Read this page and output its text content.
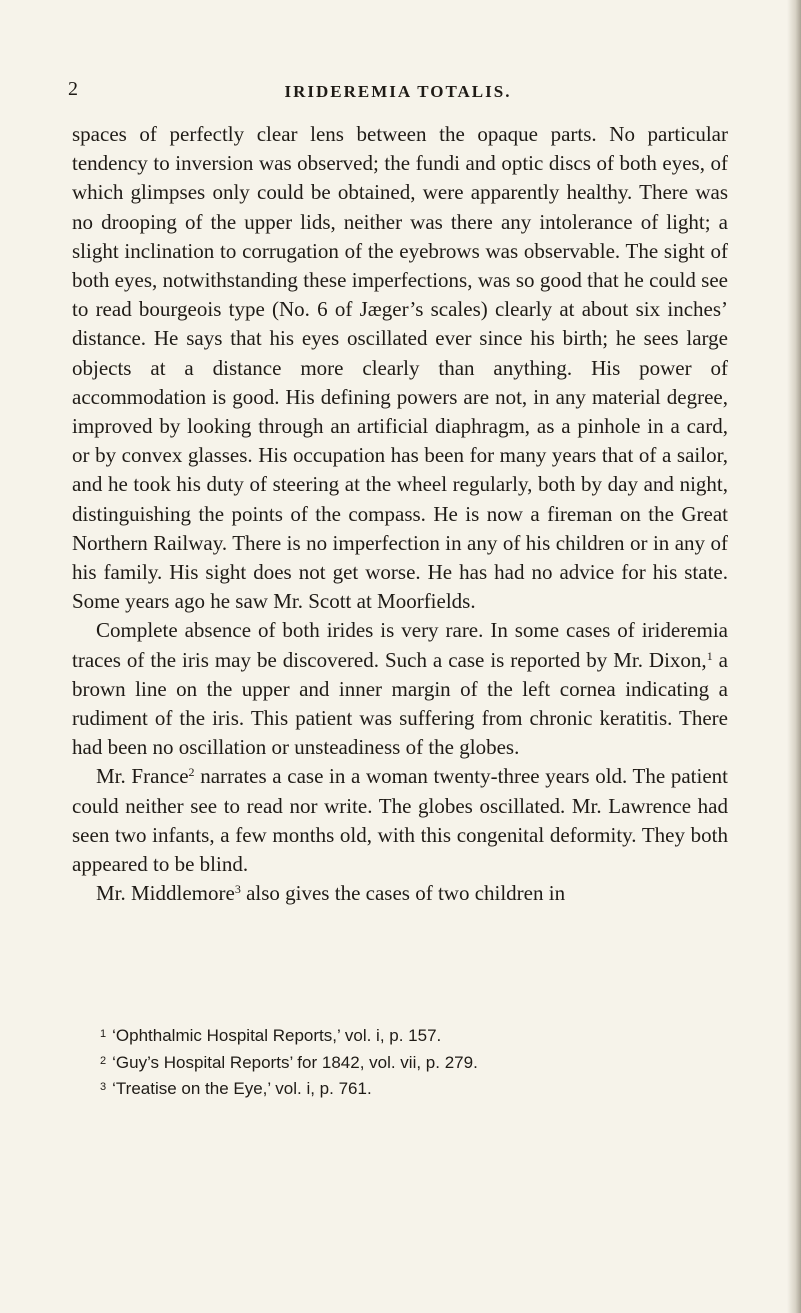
2	IRIDEREMIA TOTALIS.

spaces of perfectly clear lens between the opaque parts. No particular tendency to inversion was observed; the fundi and optic discs of both eyes, of which glimpses only could be obtained, were apparently healthy. There was no drooping of the upper lids, neither was there any intolerance of light; a slight inclination to corrugation of the eyebrows was observable. The sight of both eyes, notwithstanding these imperfections, was so good that he could see to read bourgeois type (No. 6 of Jæger’s scales) clearly at about six inches’ distance. He says that his eyes oscillated ever since his birth; he sees large objects at a distance more clearly than anything. His power of accommodation is good. His defining powers are not, in any material degree, improved by looking through an artificial diaphragm, as a pinhole in a card, or by convex glasses. His occupation has been for many years that of a sailor, and he took his duty of steering at the wheel regularly, both by day and night, distinguishing the points of the compass. He is now a fireman on the Great Northern Railway. There is no imperfection in any of his children or in any of his family. His sight does not get worse. He has had no advice for his state. Some years ago he saw Mr. Scott at Moorfields.

Complete absence of both irides is very rare. In some cases of irideremia traces of the iris may be discovered. Such a case is reported by Mr. Dixon,$^1$ a brown line on the upper and inner margin of the left cornea indicating a rudiment of the iris. This patient was suffering from chronic keratitis. There had been no oscillation or unsteadiness of the globes.

Mr. France$^2$ narrates a case in a woman twenty-three years old. The patient could neither see to read nor write. The globes oscillated. Mr. Lawrence had seen two infants, a few months old, with this congenital deformity. They both appeared to be blind.

Mr. Middlemore$^3$ also gives the cases of two children in

$^1$ ‘Ophthalmic Hospital Reports,’ vol. i, p. 157.
$^2$ ‘Guy’s Hospital Reports’ for 1842, vol. vii, p. 279.
$^3$ ‘Treatise on the Eye,’ vol. i, p. 761.
